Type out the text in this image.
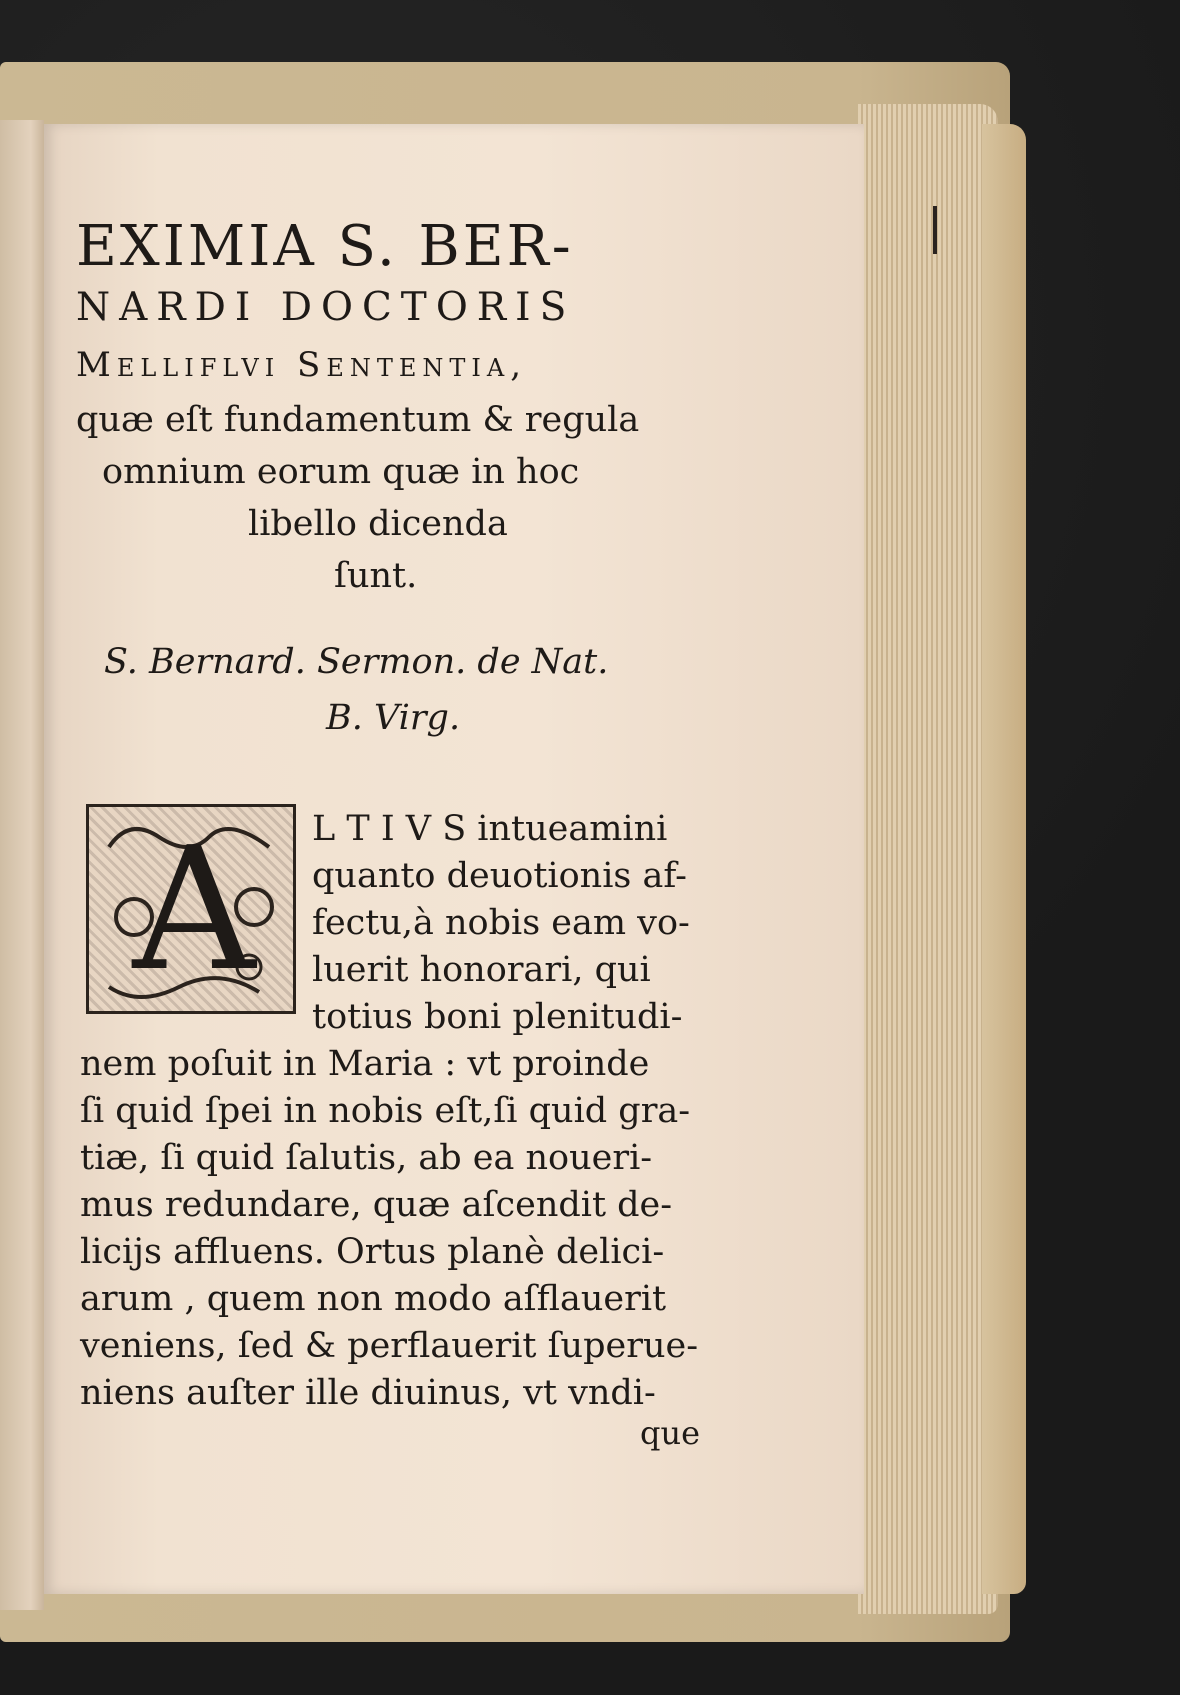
EXIMIA S. BER-
NARDI DOCTORIS
Melliflvi Sententia,
quæ eſt fundamentum & regula
omnium eorum quæ in hoc
libello dicenda
ſunt.
S. Bernard. Sermon. de Nat.
B. Virg.
A	L T I V S intueamini
quanto deuotionis af-
fectu,à nobis eam vo-
luerit honorari, qui
totius boni plenitudi-
nem poſuit in Maria : vt proinde
ſi quid ſpei in nobis eſt,ſi quid gra-
tiæ, ſi quid ſalutis, ab ea noueri-
mus redundare, quæ aſcendit de-
licijs affluens. Ortus planè delici-
arum , quem non modo aſflauerit
veniens, ſed & perflauerit ſuperue-
niens auſter ille diuinus, vt vndi-
que
